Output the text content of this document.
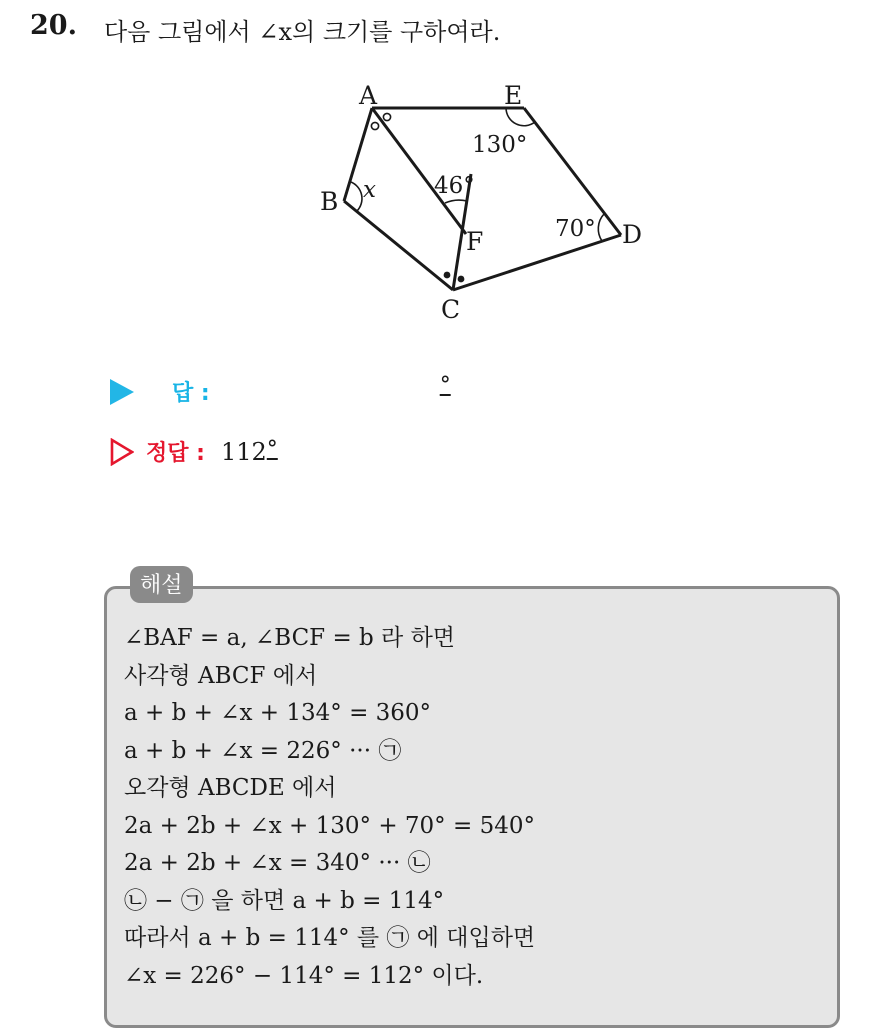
20. 다음 그림에서 ∠x의 크기를 구하여라.
A	E
B
F
C
D
130°
46°
70°
x
답 :	°
정답 : 112°
해설
∠BAF = a, ∠BCF = b 라 하면
사각형 ABCF 에서
a + b + ∠x + 134° = 360°
a + b + ∠x = 226° ··· ㉠
오각형 ABCDE 에서
2a + 2b + ∠x + 130° + 70° = 540°
2a + 2b + ∠x = 340° ··· ㉡
㉡ − ㉠ 을 하면 a + b = 114°
따라서 a + b = 114° 를 ㉠ 에 대입하면
∠x = 226° − 114° = 112° 이다.
